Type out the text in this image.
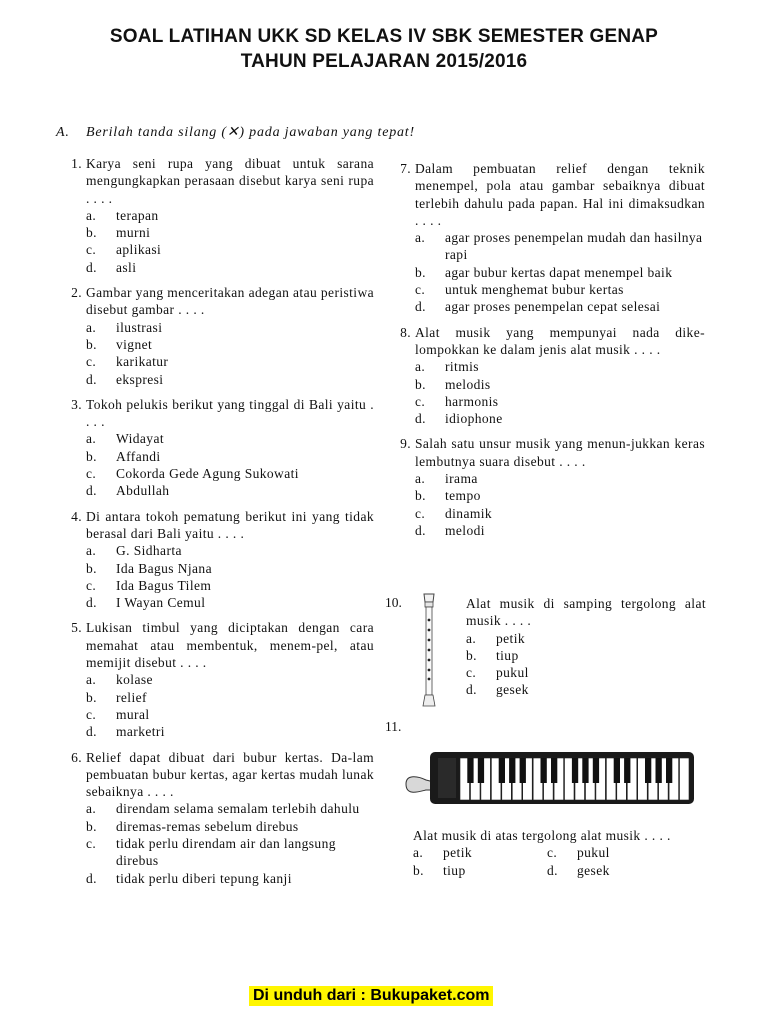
SOAL LATIHAN UKK SD KELAS IV SBK SEMESTER GENAP
TAHUN PELAJARAN 2015/2016
A. Berilah tanda silang (✕) pada jawaban yang tepat!
1. Karya seni rupa yang dibuat untuk sarana mengungkapkan perasaan disebut karya seni rupa . . . .
a. terapan
b. murni
c. aplikasi
d. asli
2. Gambar yang menceritakan adegan atau peristiwa disebut gambar . . . .
a. ilustrasi
b. vignet
c. karikatur
d. ekspresi
3. Tokoh pelukis berikut yang tinggal di Bali yaitu . . . .
a. Widayat
b. Affandi
c. Cokorda Gede Agung Sukowati
d. Abdullah
4. Di antara tokoh pematung berikut ini yang tidak berasal dari Bali yaitu . . . .
a. G. Sidharta
b. Ida Bagus Njana
c. Ida Bagus Tilem
d. I Wayan Cemul
5. Lukisan timbul yang diciptakan dengan cara memahat atau membentuk, menem-pel, atau memijit disebut . . . .
a. kolase
b. relief
c. mural
d. marketri
6. Relief dapat dibuat dari bubur kertas. Da-lam pembuatan bubur kertas, agar kertas mudah lunak sebaiknya . . . .
a. direndam selama semalam terlebih dahulu
b. diremas-remas sebelum direbus
c. tidak perlu direndam air dan langsung direbus
d. tidak perlu diberi tepung kanji
7. Dalam pembuatan relief dengan teknik menempel, pola atau gambar sebaiknya dibuat terlebih dahulu pada papan. Hal ini dimaksudkan . . . .
a. agar proses penempelan mudah dan hasilnya rapi
b. agar bubur kertas dapat menempel baik
c. untuk menghemat bubur kertas
d. agar proses penempelan cepat selesai
8. Alat musik yang mempunyai nada dike-lompokkan ke dalam jenis alat musik . . . .
a. ritmis
b. melodis
c. harmonis
d. idiophone
9. Salah satu unsur musik yang menun-jukkan keras lembutnya suara disebut . . . .
a. irama
b. tempo
c. dinamik
d. melodi
10.	Alat musik di samping tergolong alat musik . . . .
a. petik
b. tiup
c. pukul
d. gesek
11.
Alat musik di atas tergolong alat musik . . . .
a. petik
b. tiup
c. pukul
d. gesek
Di unduh dari : Bukupaket.com
